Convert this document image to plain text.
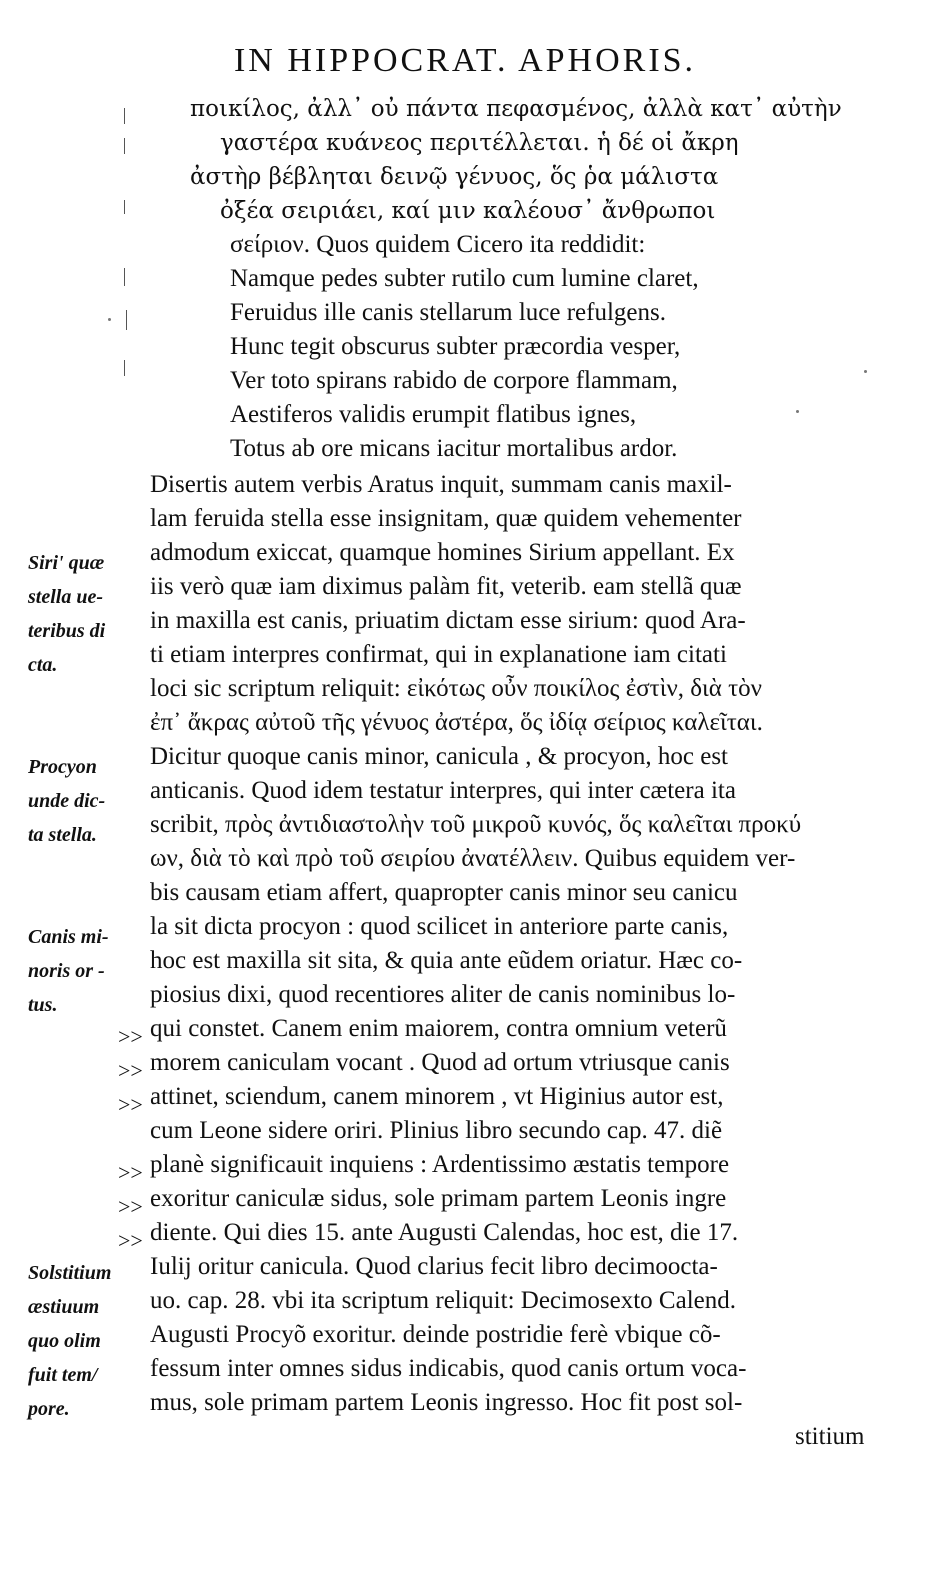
IN HIPPOCRAT. APHORIS.
ποικίλος, ἀλλ᾽ οὐ πάντα πεφασμένος, ἀλλὰ κατ᾽ αὐτὴν
γαστέρα κυάνεος περιτέλλεται. ἡ δέ οἱ ἄκρη
ἀστὴρ βέβληται δεινῷ γένυος, ὅς ῥα μάλιστα
ὀξέα σειριάει, καί μιν καλέουσ᾽ ἄνθρωποι
σείριον. Quos quidem Cicero ita reddidit:
Namque pedes subter rutilo cum lumine claret,
Feruidus ille canis stellarum luce refulgens.
Hunc tegit obscurus subter præcordia vesper,
Ver toto spirans rabido de corpore flammam,
Aestiferos validis erumpit flatibus ignes,
Totus ab ore micans iacitur mortalibus ardor.
Disertis autem verbis Aratus inquit, summam canis maxil-
lam feruida stella esse insignitam, quæ quidem vehementer
admodum exiccat, quamque homines Sirium appellant. Ex
iis verò quæ iam diximus palàm fit, veterib. eam stellã quæ
in maxilla est canis, priuatim dictam esse sirium: quod Ara-
ti etiam interpres confirmat, qui in explanatione iam citati
loci sic scriptum reliquit: εἰκότως οὖν ποικίλος ἐστὶν, διὰ τὸν
ἐπ᾽ ἄκρας αὐτοῦ τῆς γένυος ἀστέρα, ὅς ἰδίᾳ σείριος καλεῖται.
Dicitur quoque canis minor, canicula , & procyon, hoc est
anticanis. Quod idem testatur interpres, qui inter cætera ita
scribit, πρὸς ἀντιδιαστολὴν τοῦ μικροῦ κυνός, ὅς καλεῖται προκύ
ων, διὰ τὸ καὶ πρὸ τοῦ σειρίου ἀνατέλλειν. Quibus equidem ver-
bis causam etiam affert, quapropter canis minor seu canicu
la sit dicta procyon : quod scilicet in anteriore parte canis,
hoc est maxilla sit sita, & quia ante eũdem oriatur. Hæc co-
piosius dixi, quod recentiores aliter de canis nominibus lo-
qui constet. Canem enim maiorem, contra omnium veterũ
morem caniculam vocant . Quod ad ortum vtriusque canis
attinet, sciendum, canem minorem , vt Higinius autor est,
cum Leone sidere oriri. Plinius libro secundo cap. 47. diẽ
planè significauit inquiens : Ardentissimo æstatis tempore
exoritur caniculæ sidus, sole primam partem Leonis ingre
diente. Qui dies 15. ante Augusti Calendas, hoc est, die 17.
Iulij oritur canicula. Quod clarius fecit libro decimooctа-
uo. cap. 28. vbi ita scriptum reliquit: Decimosexto Calend.
Augusti Procyõ exoritur. deinde postridie ferè vbique cõ-
fessum inter omnes sidus indicabis, quod canis ortum voca-
mus, sole primam partem Leonis ingresso. Hoc fit post sol-
stitium
Siri' quæ
stella ue-
teribus di
cta.
Procyon
unde dic-
ta stella.
Canis mi-
noris or -
tus.
Solstitium
æstiuum
quo olim
fuit tem/
pore.
>>
>>
>>
>>
>>
>>
